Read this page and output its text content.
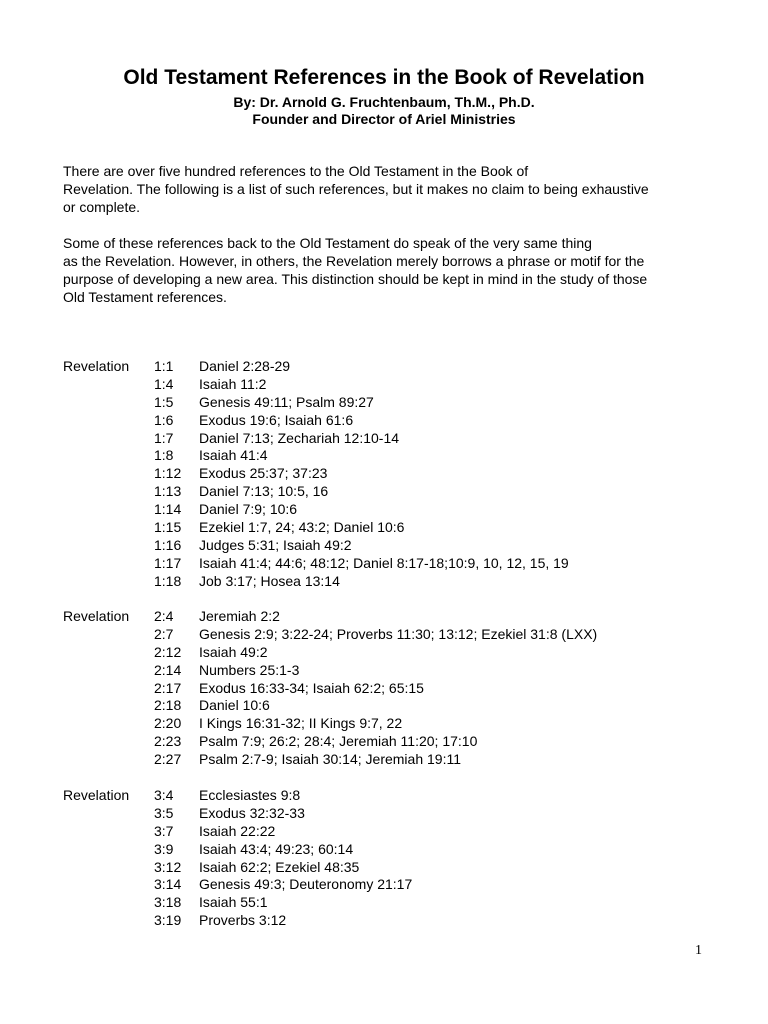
Old Testament References in the Book of Revelation
By: Dr. Arnold G. Fruchtenbaum, Th.M., Ph.D.
Founder and Director of Ariel Ministries
There are over five hundred references to the Old Testament in the Book of
Revelation. The following is a list of such references, but it makes no claim to being exhaustive
or complete.
Some of these references back to the Old Testament do speak of the very same thing
as the Revelation. However, in others, the Revelation merely borrows a phrase or motif for the
purpose of developing a new area. This distinction should be kept in mind in the study of those
Old Testament references.
Revelation 1:1 Daniel 2:28-29
1:4 Isaiah 11:2
1:5 Genesis 49:11; Psalm 89:27
1:6 Exodus 19:6; Isaiah 61:6
1:7 Daniel 7:13; Zechariah 12:10-14
1:8 Isaiah 41:4
1:12 Exodus 25:37; 37:23
1:13 Daniel 7:13; 10:5, 16
1:14 Daniel 7:9; 10:6
1:15 Ezekiel 1:7, 24; 43:2; Daniel 10:6
1:16 Judges 5:31; Isaiah 49:2
1:17Isaiah 41:4; 44:6; 48:12; Daniel 8:17-18;10:9, 10, 12, 15, 19
1:18 Job 3:17; Hosea 13:14
Revelation 2:4 Jeremiah 2:2
2:7 Genesis 2:9; 3:22-24; Proverbs 11:30; 13:12; Ezekiel 31:8 (LXX)
2:12 Isaiah 49:2
2:14 Numbers 25:1-3
2:17 Exodus 16:33-34; Isaiah 62:2; 65:15
2:18 Daniel 10:6
2:20 I Kings 16:31-32; II Kings 9:7, 22
2:23 Psalm 7:9; 26:2; 28:4; Jeremiah 11:20; 17:10
2:27 Psalm 2:7-9; Isaiah 30:14; Jeremiah 19:11
Revelation 3:4 Ecclesiastes 9:8
3:5 Exodus 32:32-33
3:7 Isaiah 22:22
3:9 Isaiah 43:4; 49:23; 60:14
3:12 Isaiah 62:2; Ezekiel 48:35
3:14 Genesis 49:3; Deuteronomy 21:17
3:18 Isaiah 55:1
3:19 Proverbs 3:12
1
